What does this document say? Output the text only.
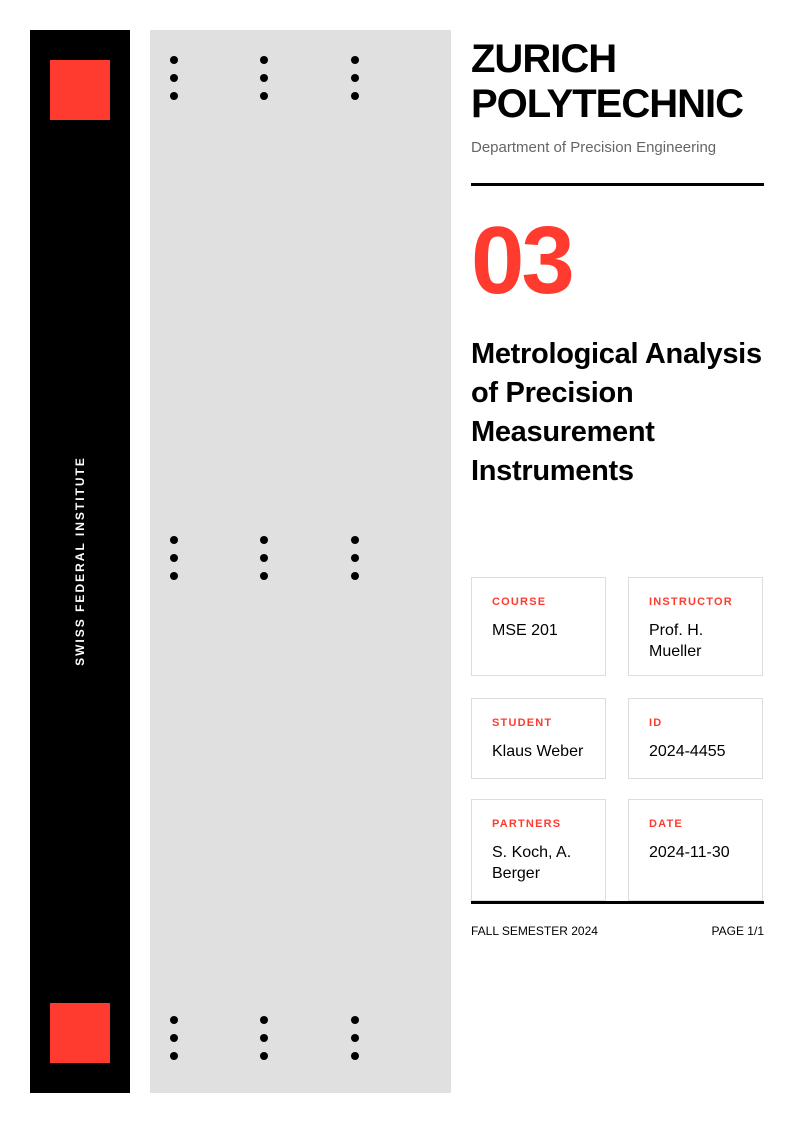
SWISS FEDERAL INSTITUTE
ZURICH POLYTECHNIC
Department of Precision Engineering
03
Metrological Analysis of Precision Measurement Instruments
COURSE
MSE 201
INSTRUCTOR
Prof. H. Mueller
STUDENT
Klaus Weber
ID
2024-4455
PARTNERS
S. Koch, A. Berger
DATE
2024-11-30
FALL SEMESTER 2024	PAGE 1/1
